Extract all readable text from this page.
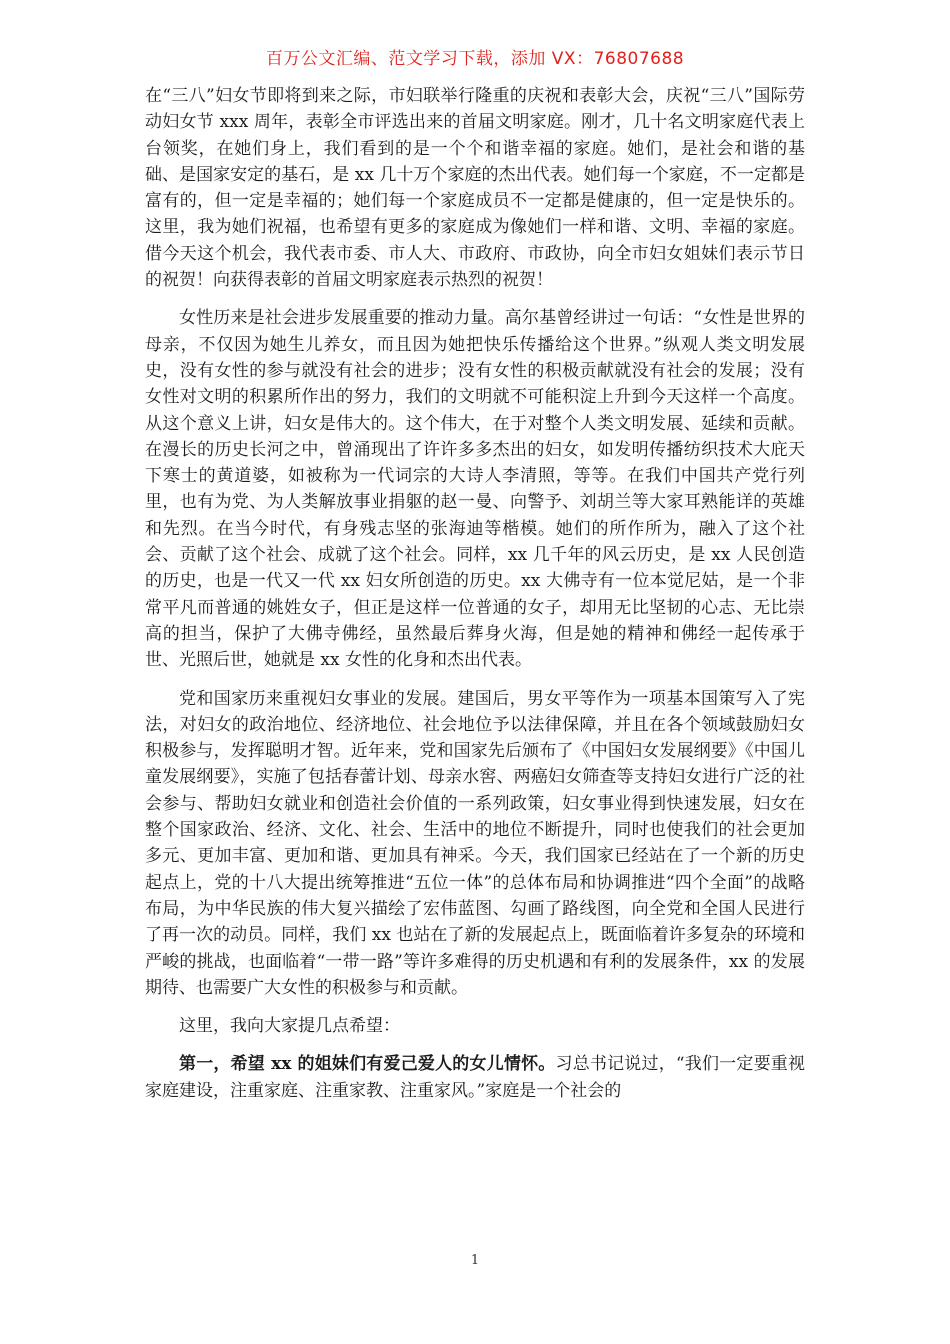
百万公文汇编、范文学习下载，添加 VX：76807688

在“三八”妇女节即将到来之际，市妇联举行隆重的庆祝和表彰大会，庆祝“三八”国际劳动妇女节 xxx 周年，表彰全市评选出来的首届文明家庭。刚才，几十名文明家庭代表上台领奖，在她们身上，我们看到的是一个个和谐幸福的家庭。她们，是社会和谐的基础、是国家安定的基石，是 xx 几十万个家庭的杰出代表。她们每一个家庭，不一定都是富有的，但一定是幸福的；她们每一个家庭成员不一定都是健康的，但一定是快乐的。这里，我为她们祝福，也希望有更多的家庭成为像她们一样和谐、文明、幸福的家庭。借今天这个机会，我代表市委、市人大、市政府、市政协，向全市妇女姐妹们表示节日的祝贺！向获得表彰的首届文明家庭表示热烈的祝贺！

女性历来是社会进步发展重要的推动力量。高尔基曾经讲过一句话：“女性是世界的母亲，不仅因为她生儿养女，而且因为她把快乐传播给这个世界。”纵观人类文明发展史，没有女性的参与就没有社会的进步；没有女性的积极贡献就没有社会的发展；没有女性对文明的积累所作出的努力，我们的文明就不可能积淀上升到今天这样一个高度。从这个意义上讲，妇女是伟大的。这个伟大，在于对整个人类文明发展、延续和贡献。在漫长的历史长河之中，曾涌现出了许许多多杰出的妇女，如发明传播纺织技术大庇天下寒士的黄道婆，如被称为一代词宗的大诗人李清照，等等。在我们中国共产党行列里，也有为党、为人类解放事业捐躯的赵一曼、向警予、刘胡兰等大家耳熟能详的英雄和先烈。在当今时代，有身残志坚的张海迪等楷模。她们的所作所为，融入了这个社会、贡献了这个社会、成就了这个社会。同样，xx 几千年的风云历史，是 xx 人民创造的历史，也是一代又一代 xx 妇女所创造的历史。xx 大佛寺有一位本觉尼姑，是一个非常平凡而普通的姚姓女子，但正是这样一位普通的女子，却用无比坚韧的心志、无比崇高的担当，保护了大佛寺佛经，虽然最后葬身火海，但是她的精神和佛经一起传承于世、光照后世，她就是 xx 女性的化身和杰出代表。

党和国家历来重视妇女事业的发展。建国后，男女平等作为一项基本国策写入了宪法，对妇女的政治地位、经济地位、社会地位予以法律保障，并且在各个领域鼓励妇女积极参与，发挥聪明才智。近年来，党和国家先后颁布了《中国妇女发展纲要》《中国儿童发展纲要》，实施了包括春蕾计划、母亲水窖、两癌妇女筛查等支持妇女进行广泛的社会参与、帮助妇女就业和创造社会价值的一系列政策，妇女事业得到快速发展，妇女在整个国家政治、经济、文化、社会、生活中的地位不断提升，同时也使我们的社会更加多元、更加丰富、更加和谐、更加具有神采。今天，我们国家已经站在了一个新的历史起点上，党的十八大提出统筹推进“五位一体”的总体布局和协调推进“四个全面”的战略布局，为中华民族的伟大复兴描绘了宏伟蓝图、勾画了路线图，向全党和全国人民进行了再一次的动员。同样，我们 xx 也站在了新的发展起点上，既面临着许多复杂的环境和严峻的挑战，也面临着“一带一路”等许多难得的历史机遇和有利的发展条件，xx 的发展期待、也需要广大女性的积极参与和贡献。

这里，我向大家提几点希望：

第一，希望 xx 的姐妹们有爱己爱人的女儿情怀。习总书记说过，“我们一定要重视家庭建设，注重家庭、注重家教、注重家风。”家庭是一个社会的

1
